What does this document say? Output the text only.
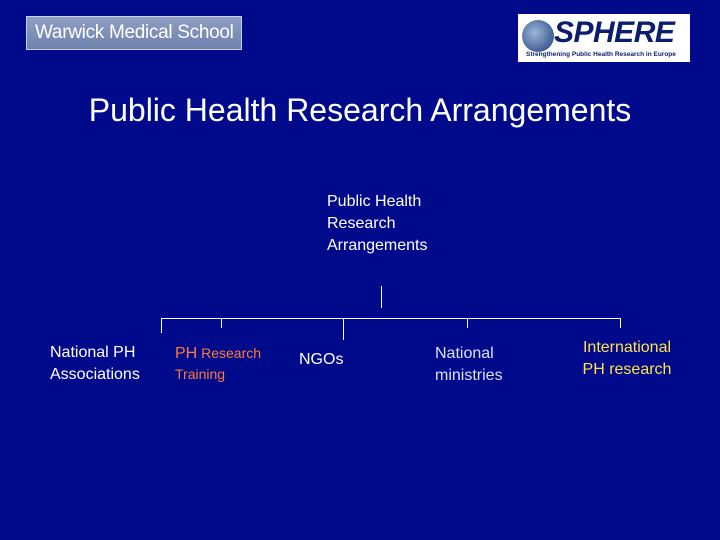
Warwick Medical School	SPHERE
Strengthening Public Health Research in Europe
Public Health Research Arrangements
Public Health
Research
Arrangements
National PH
Associations
PH Research
Training
NGOs	National
ministries
International
PH research
